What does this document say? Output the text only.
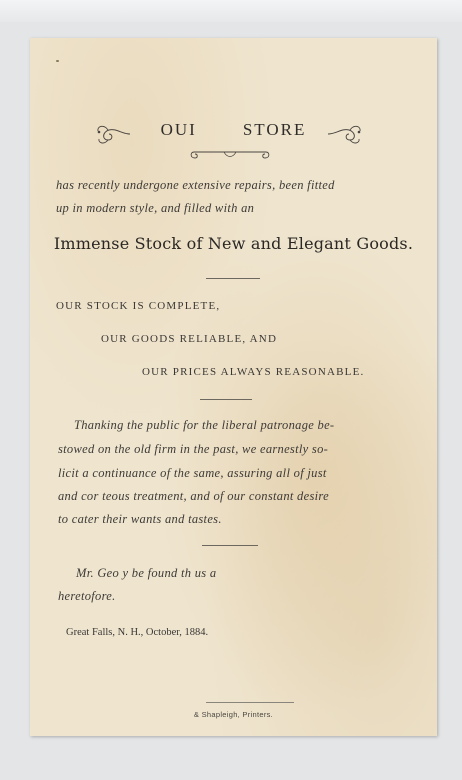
OUI	STORE
has recently undergone extensive repairs, been fitted
up in modern style, and filled with an
Immense Stock of New and Elegant Goods.
OUR STOCK IS COMPLETE,
OUR GOODS RELIABLE, AND
OUR PRICES ALWAYS REASONABLE.
Thanking the public for the liberal patronage be-
stowed on the old firm in the past, we earnestly so-
licit a continuance of the same, assuring all of just
and cor teous treatment, and of our constant desire
to cater their wants and tastes.
Mr. Geo y be found th us a
heretofore.
Great Falls, N. H., October, 1884.
& Shapleigh, Printers.
